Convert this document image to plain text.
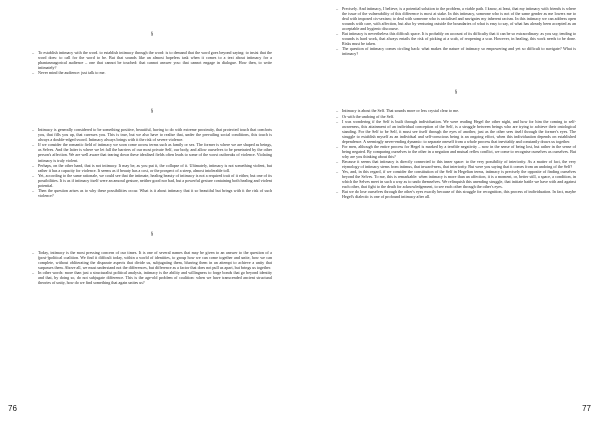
§

– To establish intimacy with the word. to establish intimacy through the word: is to demand that the word goes beyond saying: to insist that the word does: to call for the word to be. But that sounds like an almost hopeless task when it comes to a text about intimacy for a phantasmagorical audience – one that cannot be touched: that cannot answer you: that cannot engage in dialogue. How then, to write intimately?

– Never mind the audience: just talk to me.

§

– Intimacy is generally considered to be something positive, beautiful, having to do with extreme proximity, that protected touch that comforts you, that fills you up, that caresses you. This is true, but we also have to realise that, under the prevailing social conditions, this touch is always a double-edged sword. Intimacy always brings with it the risk of severe violence.

– If we consider the romantic field of intimacy we soon come across terms such as family or sex. The former is where we are shaped as beings, as Selves. And the latter is where we let fall the barriers of our most private Self, our body, and allow ourselves to be penetrated by the other person's affection. We are well aware that tearing down these idealised fields often leads to some of the worst outbreaks of violence. Violating intimacy is truly violent.

– Perhaps, on the other hand, that is not intimacy. It may be, as you put it, the collapse of it. Ultimately, intimacy is not something violent, but rather it has a capacity for violence. It seems as if beauty has a cost, or the prospect of a steep, almost intolerable toll.

– Yet, according to the same rationale, we could see that the intimate, healing beauty of intimacy is not a required trait of it either, but one of its possibilities. It is as if intimacy itself were an amoral gesture, neither good nor bad, but a powerful gesture containing both healing and violent potential.

– Then the question arises as to why these possibilities occur. What is it about intimacy that it so beautiful but brings with it the risk of such violence?

§

– Today, intimacy is the most pressing concern of our times. It is one of several names that may be given to an answer to the question of a (post-)political coalition. We find it difficult today, within a world of identities, to group how we can come together and unite, how we can complete, without obliterating the disparate aspects that divide us, subjugating them, blurring them in an attempt to achieve a unity that surpasses them. Above all, we must understand not the differences, but difference as a factor that does not pull us apart, but brings us together.

– In other words: more than just a structuralist political analysis, intimacy is the ability and willingness to forge bonds that go beyond identity and that, by doing so, do not subjugate difference. This is the age-old problem of coalition: when we have transcended ancient structural theories of unity, how do we find something that again unites us?

76

– Precisely. And intimacy, I believe, is a potential solution to the problem, a viable path. I know, at least, that my intimacy with friends is where the issue of the vulnerability of this difference is most at stake. In this intimacy, someone who is not of the same gender as me lowers me to deal with imposed cis-sexism; to deal with someone who is racialised and navigates my inherent racism. In this intimacy we can address open wounds with care, with affection, but also by venturing outside the boundaries of what is easy to say, of what has already been accepted as an acceptable and hygienic discourse.

– But intimacy is nevertheless this difficult space. It is probably on account of its difficulty that it can be so extraordinary: as you say, tending to wounds is hard work, that always entails the risk of picking at a scab, of reopening a scar. However, in healing, this work needs to be done. Risks must be taken.

– The question of intimacy comes circling back: what makes the nature of intimacy so empowering and yet so difficult to navigate? What is intimacy?

§

– Intimacy is about the Self. That sounds more or less crystal clear to me.

– Or with the undoing of the Self.

– I was wondering if the Self is built through individuation. We were reading Hegel the other night, and how for him the coming to self-awareness, this attainment of an individual conception of the Self, is a struggle between beings who are trying to achieve their ontological standing. For the Self to be Self, it must see itself through the eyes of another, just as the other sees itself through the former's eyes. The struggle to establish myself as an individual and self-conscious being is an ongoing effort, when this individuation depends on established dependence. A seemingly never-ending dynamic: to separate oneself from a whole process that inevitably and constantly draws us together.

– For men, although the entire process for Hegel is marked by a terrible negativity – now in the sense of being lost, but rather in the sense of being negated. By comparing ourselves to the other in a negation and mutual reflex conflict, we come to recognise ourselves as ourselves. But why are you thinking about this?

– Because it seems that intimacy is directly connected to this inner space: to the very possibility of interiority. As a matter of fact, the very etymology of intimacy stems from intimus, that inward-ness, that interiority. But were you saying that it comes from an undoing of the Self?

– Yes, and, in this regard, if we consider the constitution of the Self in Hegelian terms, intimacy is precisely the opposite of finding ourselves beyond the Selves. To me, this is remarkable: when intimacy is more than an affection, it is a moment, or, better still, a space, a condition, in which the Selves meet in such a way as to undo themselves. We relinquish this unending struggle, that initiate battle we have with and against each other, that fight to the death for acknowledgement, to see each other through the other's eyes.

– But we do lose ourselves through the other's eyes exactly because of this struggle for recognition, this process of individuation. In fact, maybe Hegel's dialectic is one of profound intimacy after all.

77
